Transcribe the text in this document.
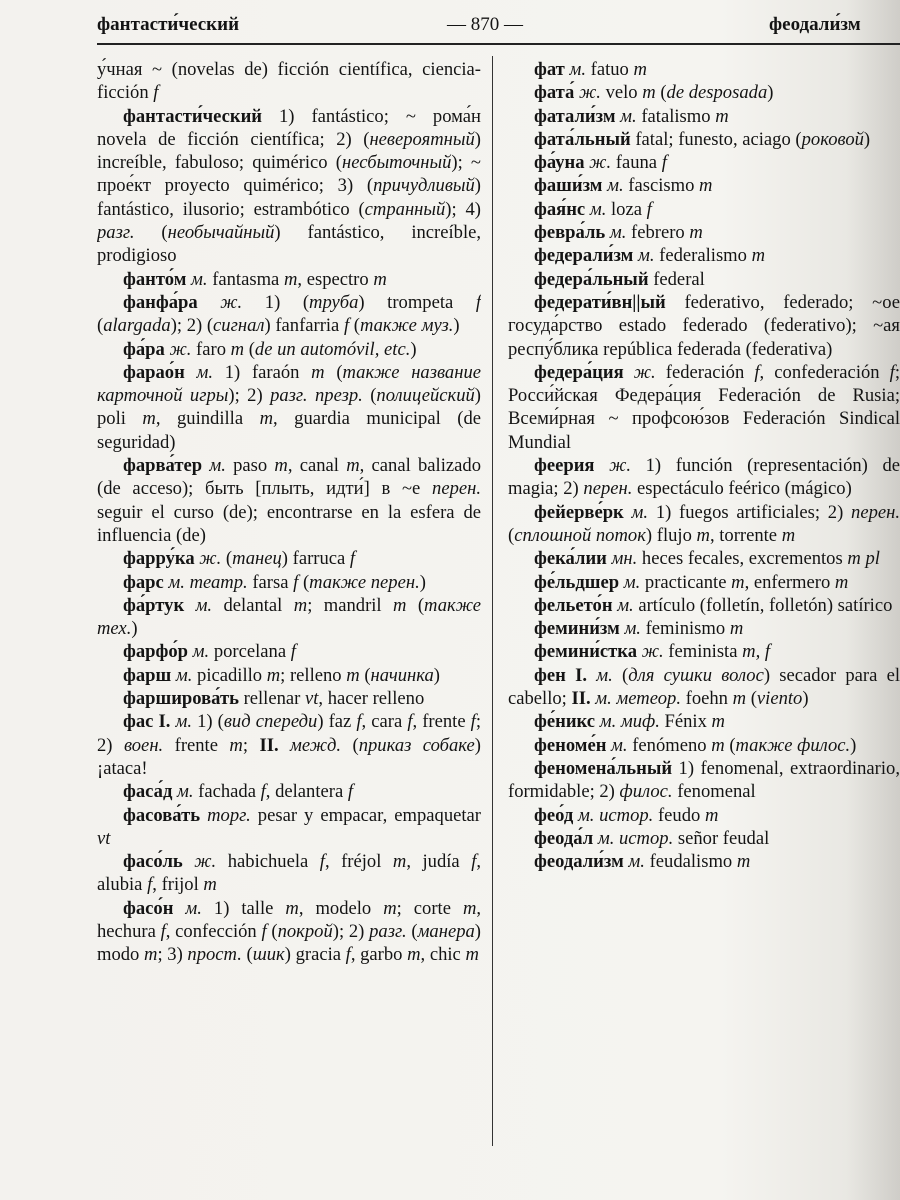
фантасти́ческий	— 870 —	феодали́зм

у́чная ~ (novelas de) ficción científica, ciencia-ficción f

фантасти́ческий 1) fantástico; ~ рома́н novela de ficción científica; 2) (невероятный) increíble, fabuloso; quimérico (несбыточный); ~ прое́кт proyecto quimérico; 3) (причудливый) fantástico, ilusorio; estrambótico (странный); 4) разг. (необычайный) fantástico, increíble, prodigioso

фанто́м м. fantasma m, espectro m

фанфа́ра ж. 1) (труба) trompeta f (alargada); 2) (сигнал) fanfarria f (также муз.)

фа́ра ж. faro m (de un automóvil, etc.)

фарао́н м. 1) faraón m (также название карточной игры); 2) разг. презр. (полицейский) poli m, guindilla m, guardia municipal (de seguridad)

фарва́тер м. paso m, canal m, canal balizado (de acceso); быть [плыть, идти́] в ~е перен. seguir el curso (de); encontrarse en la esfera de influencia (de)

фарру́ка ж. (танец) farruca f

фарс м. театр. farsa f (также перен.)

фа́ртук м. delantal m; mandril m (также тех.)

фарфо́р м. porcelana f

фарш м. picadillo m; relleno m (начинка)

фарширова́ть rellenar vt, hacer relleno

фас I. м. 1) (вид спереди) faz f, cara f, frente f; 2) воен. frente m; II. межд. (приказ собаке) ¡ataca!

фаса́д м. fachada f, delantera f

фасова́ть торг. pesar y empacar, empaquetar vt

фасо́ль ж. habichuela f, fréjol m, judía f, alubia f, frijol m

фасо́н м. 1) talle m, modelo m; corte m, hechura f, confección f (покрой); 2) разг. (манера) modo m; 3) прост. (шик) gracia f, garbo m, chic m

фат м. fatuo m

фата́ ж. velo m (de desposada)

фатали́зм м. fatalismo m

фата́льный fatal; funesto, aciago (роковой)

фа́уна ж. fauna f

фаши́зм м. fascismo m

фая́нс м. loza f

февра́ль м. febrero m

федерали́зм м. federalismo m

федера́льный federal

федерати́вн||ый federativo, federado; ~ое госуда́рство estado federado (federativo); ~ая респу́блика república federada (federativa)

федера́ция ж. federación f, confederación f; Росси́йская Федера́ция Federación de Rusia; Всеми́рная ~ профсою́зов Federación Sindical Mundial

феерия ж. 1) función (representación) de magia; 2) перен. espectáculo feérico (mágico)

фейерве́рк м. 1) fuegos artificiales; 2) перен. (сплошной поток) flujo m, torrente m

фека́лии мн. heces fecales, excrementos m pl

фе́льдшер м. practicante m, enfermero m

фельето́н м. artículo (folletín, folletón) satírico

фемини́зм м. feminismo m

фемини́стка ж. feminista m, f

фен I. м. (для сушки волос) secador para el cabello; II. м. метеор. foehn m (viento)

фе́никс м. миф. Fénix m

феноме́н м. fenómeno m (также филос.)

феномена́льный 1) fenomenal, extraordinario, formidable; 2) филос. fenomenal

фео́д м. истор. feudo m

феода́л м. истор. señor feudal

феодали́зм м. feudalismo m
